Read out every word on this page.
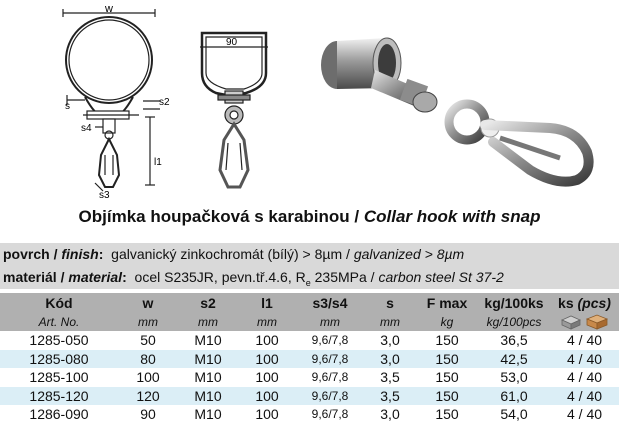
w
s	s2
s4
l1
s3
90
Objímka houpačková s karabinou / Collar hook with snap
povrch / finish: galvanický zinkochromát (bílý) > 8µm / galvanized > 8µm
materiál / material: ocel S235JR, pevn.tř.4.6, $R_e$ 235MPa / carbon steel St 37-2
Kód	w	s2	l1	s3/s4	s	F max	kg/100ks	ks (pcs)
Art. No.	mm	mm	mm	mm	mm	kg	kg/100pcs	
1285-050	50	M10	100	9,6/7,8	3,0	150	36,5	4 / 40
1285-080	80	M10	100	9,6/7,8	3,0	150	42,5	4 / 40
1285-100	100	M10	100	9,6/7,8	3,5	150	53,0	4 / 40
1285-120	120	M10	100	9,6/7,8	3,5	150	61,0	4 / 40
1286-090	90	M10	100	9,6/7,8	3,0	150	54,0	4 / 40
